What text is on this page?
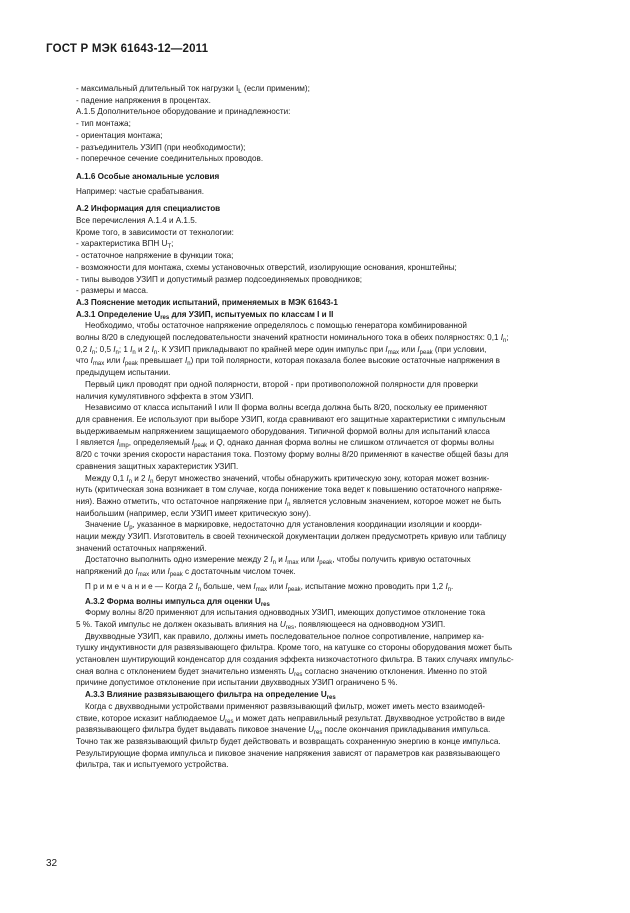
ГОСТ Р МЭК 61643-12—2011
- максимальный длительный ток нагрузки $I_L$ (если применим);
- падение напряжения в процентах.
А.1.5 Дополнительное оборудование и принадлежности:
- тип монтажа;
- ориентация монтажа;
- разъединитель УЗИП (при необходимости);
- поперечное сечение соединительных проводов.
А.1.6 Особые аномальные условия
Например: частые срабатывания.
А.2 Информация для специалистов
Все перечисления А.1.4 и А.1.5.
Кроме того, в зависимости от технологии:
- характеристика ВПН $U_T$;
- остаточное напряжение в функции тока;
- возможности для монтажа, схемы установочных отверстий, изолирующие основания, кронштейны;
- типы выводов УЗИП и допустимый размер подсоединяемых проводников;
- размеры и масса.
А.3 Пояснение методик испытаний, применяемых в МЭК 61643-1
А.3.1 Определение $U_{res}$ для УЗИП, испытуемых по классам I и II
Необходимо, чтобы остаточное напряжение определялось с помощью генератора комбинированной
волны 8/20 в следующей последовательности значений кратности номинального тока в обеих полярностях: 0,1 $I_n$;
0,2 $I_n$; 0,5 $I_n$; 1 $I_n$ и 2 $I_n$. К УЗИП прикладывают по крайней мере один импульс при $I_{max}$ или $I_{peak}$ (при условии,
что $I_{max}$ или $I_{peak}$ превышает $I_n$) при той полярности, которая показала более высокие остаточные напряжения в
предыдущем испытании.
Первый цикл проводят при одной полярности, второй - при противоположной полярности для проверки
наличия кумулятивного эффекта в этом УЗИП.
Независимо от класса испытаний I или II форма волны всегда должна быть 8/20, поскольку ее применяют
для сравнения. Ее используют при выборе УЗИП, когда сравнивают его защитные характеристики с импульсным
выдерживаемым напряжением защищаемого оборудования. Типичной формой волны для испытаний класса
I является $I_{imp}$, определяемый $I_{peak}$ и Q, однако данная форма волны не слишком отличается от формы волны
8/20 с точки зрения скорости нарастания тока. Поэтому форму волны 8/20 применяют в качестве общей базы для
сравнения защитных характеристик УЗИП.
Между 0,1 $I_n$ и 2 $I_n$ берут множество значений, чтобы обнаружить критическую зону, которая может возник-
нуть (критическая зона возникает в том случае, когда понижение тока ведет к повышению остаточного напряже-
ния). Важно отметить, что остаточное напряжение при $I_n$ является условным значением, которое может не быть
наибольшим (например, если УЗИП имеет критическую зону).
Значение $U_p$, указанное в маркировке, недостаточно для установления координации изоляции и коорди-
нации между УЗИП. Изготовитель в своей технической документации должен предусмотреть кривую или таблицу
значений остаточных напряжений.
Достаточно выполнить одно измерение между 2 $I_n$ и $I_{max}$ или $I_{peak}$, чтобы получить кривую остаточных
напряжений до $I_{max}$ или $I_{peak}$ с достаточным числом точек.
П р и м е ч а н и е — Когда 2 $I_n$ больше, чем $I_{max}$ или $I_{peak}$, испытание можно проводить при 1,2 $I_n$.
А.3.2 Форма волны импульса для оценки $U_{res}$
Форму волны 8/20 применяют для испытания одновводных УЗИП, имеющих допустимое отклонение тока
5 %. Такой импульс не должен оказывать влияния на $U_{res}$, появляющееся на одновводном УЗИП.
Двухвводные УЗИП, как правило, должны иметь последовательное полное сопротивление, например ка-
тушку индуктивности для развязывающего фильтра. Кроме того, на катушке со стороны оборудования может быть
установлен шунтирующий конденсатор для создания эффекта низкочастотного фильтра. В таких случаях импульс-
сная волна с отклонением будет значительно изменять $U_{res}$ согласно значению отклонения. Именно по этой
причине допустимое отклонение при испытании двухвводных УЗИП ограничено 5 %.
А.3.3 Влияние развязывающего фильтра на определение $U_{res}$
Когда с двухвводными устройствами применяют развязывающий фильтр, может иметь место взаимодей-
ствие, которое исказит наблюдаемое $U_{res}$ и может дать неправильный результат. Двухвводное устройство в виде
развязывающего фильтра будет выдавать пиковое значение $U_{res}$ после окончания прикладывания импульса.
Точно так же развязывающий фильтр будет действовать и возвращать сохраненную энергию в конце импульса.
Результирующие форма импульса и пиковое значение напряжения зависят от параметров как развязывающего
фильтра, так и испытуемого устройства.
32
